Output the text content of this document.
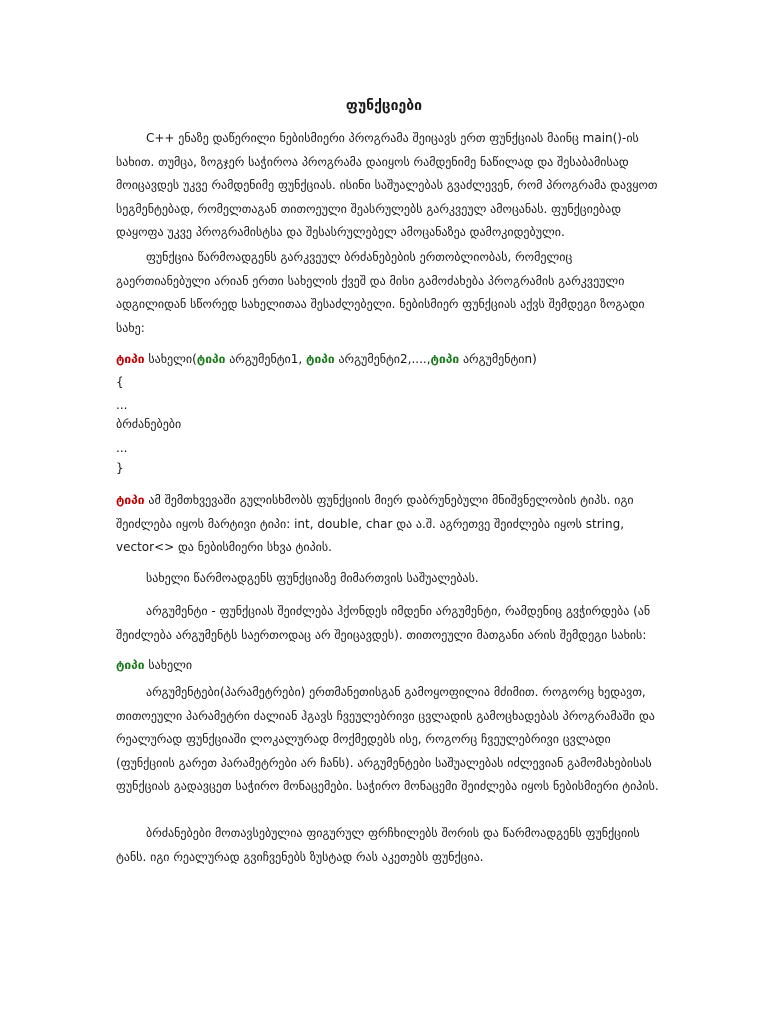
ფუნქციები

C++ ენაზე დაწერილი ნებისმიერი პროგრამა შეიცავს ერთ ფუნქციას მაინც main()-ის სახით. თუმცა, ზოგჯერ საჭიროა პროგრამა დაიყოს რამდენიმე ნაწილად და შესაბამისად მოიცავდეს უკვე რამდენიმე ფუნქციას. ისინი საშუალებას გვაძლევენ, რომ პროგრამა დავყოთ სეგმენტებად, რომელთაგან თითოეული შეასრულებს გარკვეულ ამოცანას. ფუნქციებად დაყოფა უკვე პროგრამისტსა და შესასრულებელ ამოცანაზეა დამოკიდებული.

ფუნქცია წარმოადგენს გარკვეულ ბრძანებების ერთობლიობას, რომელიც გაერთიანებული არიან ერთი სახელის ქვეშ და მისი გამოძახება პროგრამის გარკვეული ადგილიდან სწორედ სახელითაა შესაძლებელი. ნებისმიერ ფუნქციას აქვს შემდეგი ზოგადი სახე:

ტიპი სახელი(ტიპი არგუმენტი1, ტიპი არგუმენტი2,....,ტიპი არგუმენტიn)

{

...

ბრძანებები

...

}

ტიპი ამ შემთხვევაში გულისხმობს ფუნქციის მიერ დაბრუნებული მნიშვნელობის ტიპს. იგი შეიძლება იყოს მარტივი ტიპი: int, double, char და ა.შ. აგრეთვე შეიძლება იყოს string, vector<> და ნებისმიერი სხვა ტიპის.

სახელი წარმოადგენს ფუნქციაზე მიმართვის საშუალებას.

არგუმენტი - ფუნქციას შეიძლება ჰქონდეს იმდენი არგუმენტი, რამდენიც გვჭირდება (ან შეიძლება არგუმენტს საერთოდაც არ შეიცავდეს). თითოეული მათგანი არის შემდეგი სახის:

ტიპი სახელი

არგუმენტები(პარამეტრები) ერთმანეთისგან გამოყოფილია მძიმით. როგორც ხედავთ, თითოეული პარამეტრი ძალიან ჰგავს ჩვეულებრივი ცვლადის გამოცხადებას პროგრამაში და რეალურად ფუნქციაში ლოკალურად მოქმედებს ისე, როგორც ჩვეულებრივი ცვლადი (ფუნქციის გარეთ პარამეტრები არ ჩანს). არგუმენტები საშუალებას იძლევიან გამომახებისას ფუნქციას გადავცეთ საჭირო მონაცემები. საჭირო მონაცემი შეიძლება იყოს ნებისმიერი ტიპის.

ბრძანებები მოთავსებულია ფიგურულ ფრჩხილებს შორის და წარმოადგენს ფუნქციის ტანს. იგი რეალურად გვიჩვენებს ზუსტად რას აკეთებს ფუნქცია.
